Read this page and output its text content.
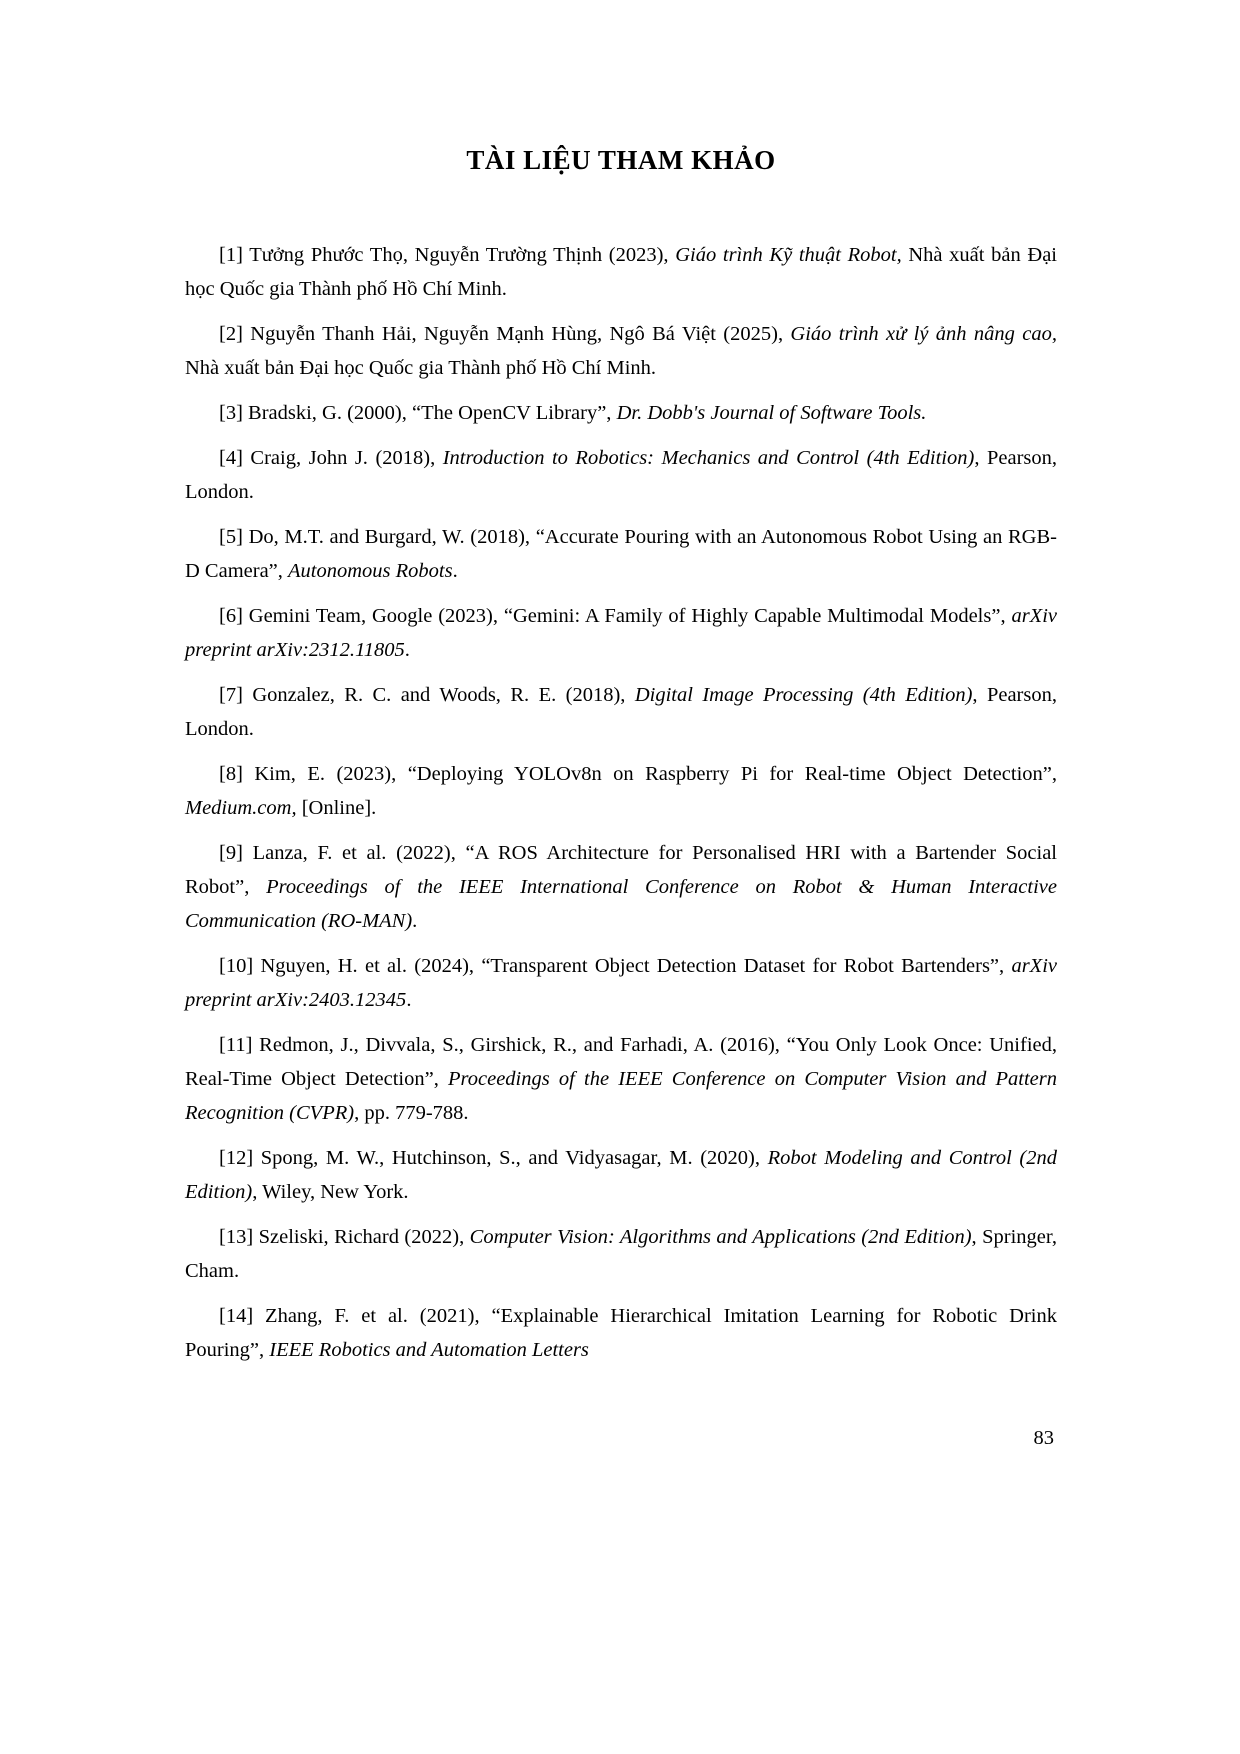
TÀI LIỆU THAM KHẢO

[1] Tưởng Phước Thọ, Nguyễn Trường Thịnh (2023), Giáo trình Kỹ thuật Robot, Nhà xuất bản Đại học Quốc gia Thành phố Hồ Chí Minh.

[2] Nguyễn Thanh Hải, Nguyễn Mạnh Hùng, Ngô Bá Việt (2025), Giáo trình xử lý ảnh nâng cao, Nhà xuất bản Đại học Quốc gia Thành phố Hồ Chí Minh.

[3] Bradski, G. (2000), “The OpenCV Library”, Dr. Dobb's Journal of Software Tools.

[4] Craig, John J. (2018), Introduction to Robotics: Mechanics and Control (4th Edition), Pearson, London.

[5] Do, M.T. and Burgard, W. (2018), “Accurate Pouring with an Autonomous Robot Using an RGB-D Camera”, Autonomous Robots.

[6] Gemini Team, Google (2023), “Gemini: A Family of Highly Capable Multimodal Models”, arXiv preprint arXiv:2312.11805.

[7] Gonzalez, R. C. and Woods, R. E. (2018), Digital Image Processing (4th Edition), Pearson, London.

[8] Kim, E. (2023), “Deploying YOLOv8n on Raspberry Pi for Real-time Object Detection”, Medium.com, [Online].

[9] Lanza, F. et al. (2022), “A ROS Architecture for Personalised HRI with a Bartender Social Robot”, Proceedings of the IEEE International Conference on Robot & Human Interactive Communication (RO-MAN).

[10] Nguyen, H. et al. (2024), “Transparent Object Detection Dataset for Robot Bartenders”, arXiv preprint arXiv:2403.12345.

[11] Redmon, J., Divvala, S., Girshick, R., and Farhadi, A. (2016), “You Only Look Once: Unified, Real-Time Object Detection”, Proceedings of the IEEE Conference on Computer Vision and Pattern Recognition (CVPR), pp. 779-788.

[12] Spong, M. W., Hutchinson, S., and Vidyasagar, M. (2020), Robot Modeling and Control (2nd Edition), Wiley, New York.

[13] Szeliski, Richard (2022), Computer Vision: Algorithms and Applications (2nd Edition), Springer, Cham.

[14] Zhang, F. et al. (2021), “Explainable Hierarchical Imitation Learning for Robotic Drink Pouring”, IEEE Robotics and Automation Letters

83
